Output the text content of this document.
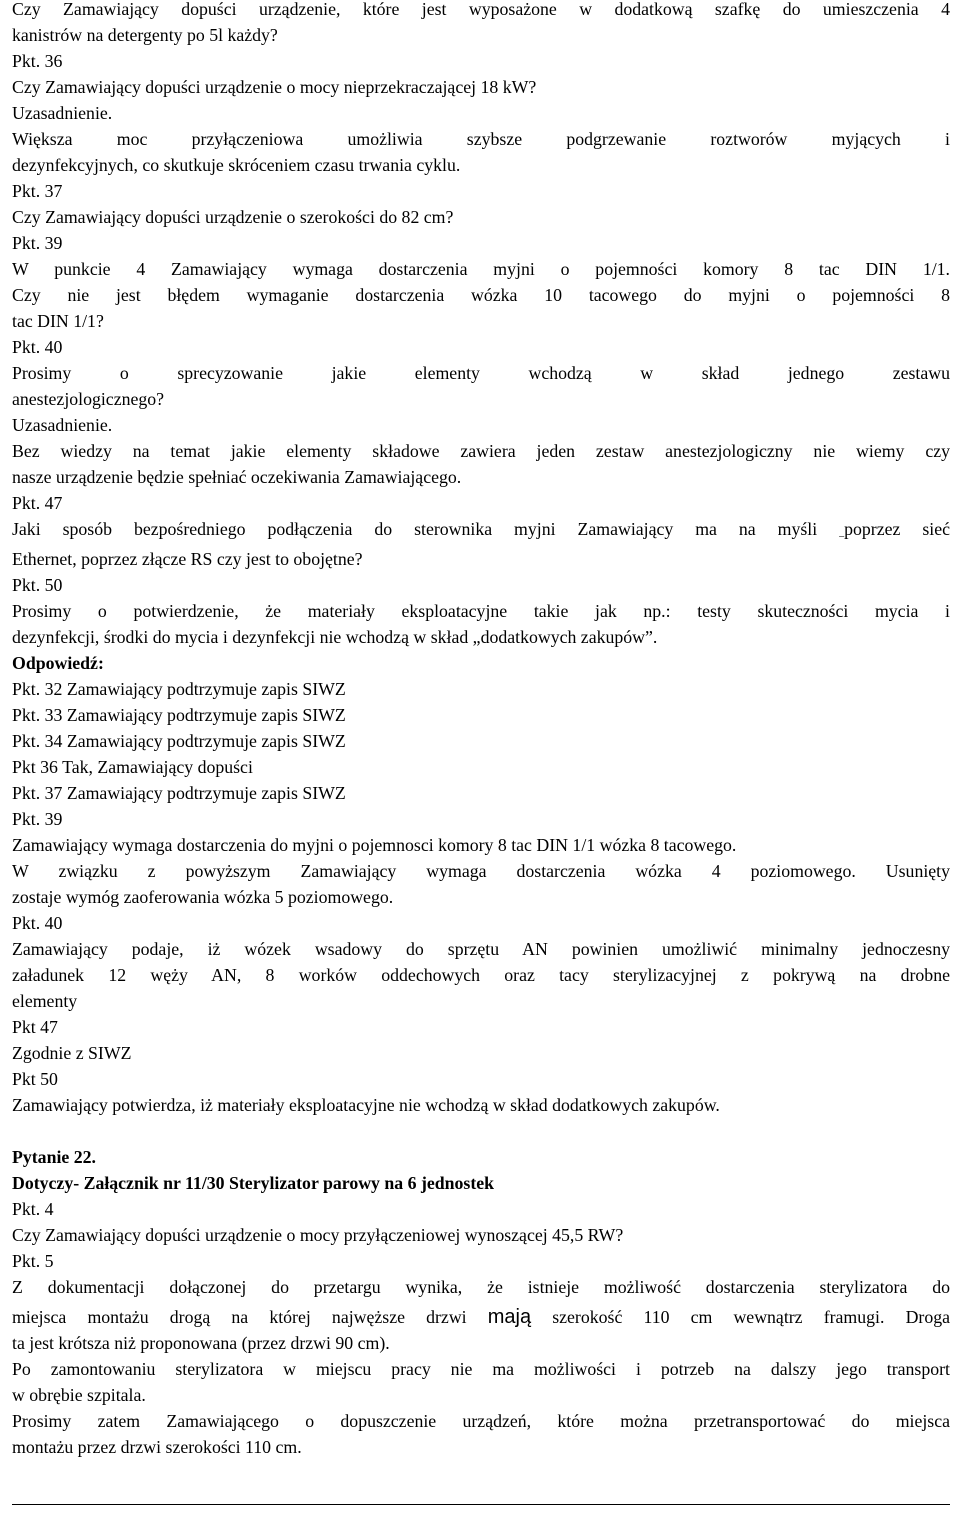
Czy Zamawiający dopuści urządzenie, które jest wyposażone w dodatkową szafkę do umieszczenia 4
kanistrów na detergenty po 5l każdy?
Pkt. 36
Czy Zamawiający dopuści urządzenie o mocy nieprzekraczającej 18 kW?
Uzasadnienie.
Większa moc przyłączeniowa umożliwia szybsze podgrzewanie roztworów myjących i
dezynfekcyjnych, co skutkuje skróceniem czasu trwania cyklu.
Pkt. 37
Czy Zamawiający dopuści urządzenie o szerokości do 82 cm?
Pkt. 39
W punkcie 4 Zamawiający wymaga dostarczenia myjni o pojemności komory 8 tac DIN 1/1.
Czy nie jest błędem wymaganie dostarczenia wózka 10 tacowego do myjni o pojemności 8
tac DIN 1/1?
Pkt. 40
Prosimy o sprecyzowanie jakie elementy wchodzą w skład jednego zestawu
anestezjologicznego?
Uzasadnienie.
Bez wiedzy na temat jakie elementy składowe zawiera jeden zestaw anestezjologiczny nie wiemy czy
nasze urządzenie będzie spełniać oczekiwania Zamawiającego.
Pkt. 47
Jaki sposób bezpośredniego podłączenia do sterownika myjni Zamawiający ma na myśli _poprzez sieć
Ethernet, poprzez złącze RS czy jest to obojętne?
Pkt. 50
Prosimy o potwierdzenie, że materiały eksploatacyjne takie jak np.: testy skuteczności mycia i
dezynfekcji, środki do mycia i dezynfekcji nie wchodzą w skład „dodatkowych zakupów”.
Odpowiedź:
Pkt. 32 Zamawiający podtrzymuje zapis SIWZ
Pkt. 33 Zamawiający podtrzymuje zapis SIWZ
Pkt. 34 Zamawiający podtrzymuje zapis SIWZ
Pkt 36 Tak, Zamawiający dopuści
Pkt. 37 Zamawiający podtrzymuje zapis SIWZ
Pkt. 39
Zamawiający wymaga dostarczenia do myjni o pojemnosci komory 8 tac DIN 1/1 wózka 8 tacowego.
W związku z powyższym Zamawiający wymaga dostarczenia wózka 4 poziomowego. Usunięty
zostaje wymóg zaoferowania wózka 5 poziomowego.
Pkt. 40
Zamawiający podaje, iż wózek wsadowy do sprzętu AN powinien umożliwić minimalny jednoczesny
załadunek 12 węży AN, 8 worków oddechowych oraz tacy sterylizacyjnej z pokrywą na drobne
elementy
Pkt 47
Zgodnie z SIWZ
Pkt 50
Zamawiający potwierdza, iż materiały eksploatacyjne nie wchodzą w skład dodatkowych zakupów.
Pytanie 22.
Dotyczy- Załącznik nr 11/30 Sterylizator parowy na 6 jednostek
Pkt. 4
Czy Zamawiający dopuści urządzenie o mocy przyłączeniowej wynoszącej 45,5 RW?
Pkt. 5
Z dokumentacji dołączonej do przetargu wynika, że istnieje możliwość dostarczenia sterylizatora do
miejsca montażu drogą na której najwęższe drzwi mają szerokość 110 cm wewnątrz framugi. Droga
ta jest krótsza niż proponowana (przez drzwi 90 cm).
Po zamontowaniu sterylizatora w miejscu pracy nie ma możliwości i potrzeb na dalszy jego transport
w obrębie szpitala.
Prosimy zatem Zamawiającego o dopuszczenie urządzeń, które można przetransportować do miejsca
montażu przez drzwi szerokości 110 cm.
